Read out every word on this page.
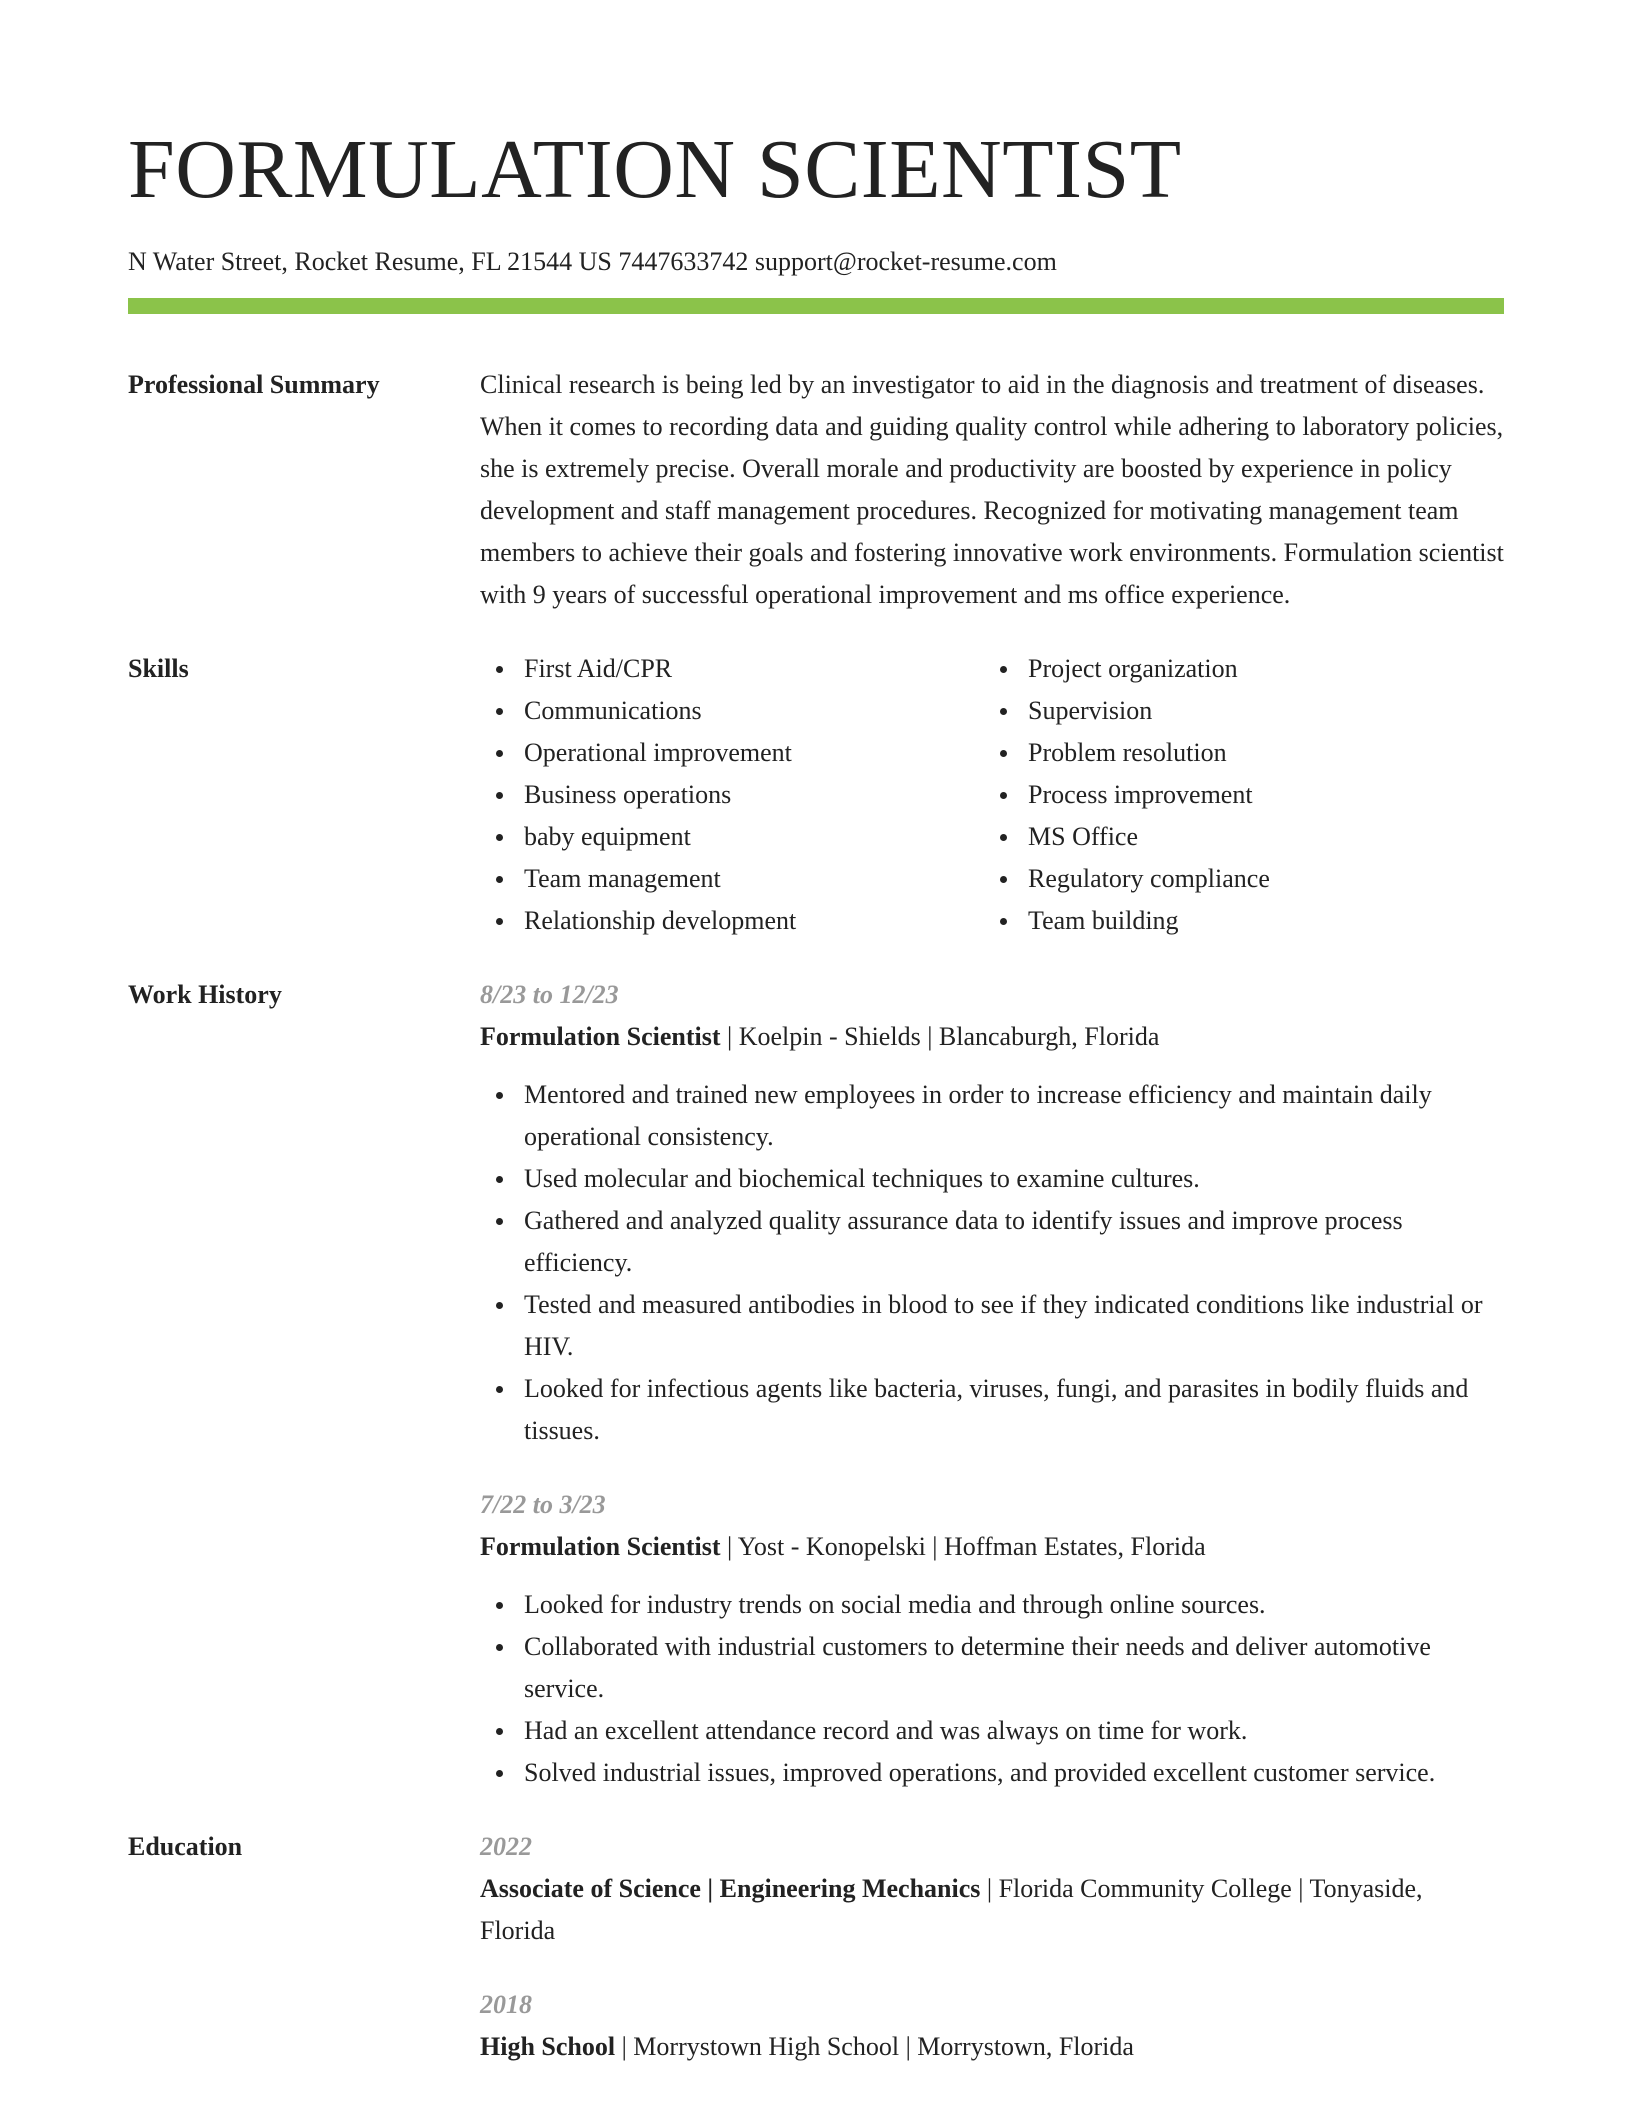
FORMULATION SCIENTIST
N Water Street, Rocket Resume, FL 21544 US 7447633742 support@rocket-resume.com
Professional Summary	Clinical research is being led by an investigator to aid in the diagnosis and treatment of diseases. When it comes to recording data and guiding quality control while adhering to laboratory policies, she is extremely precise. Overall morale and productivity are boosted by experience in policy development and staff management procedures. Recognized for motivating management team members to achieve their goals and fostering innovative work environments. Formulation scientist with 9 years of successful operational improvement and ms office experience.

Skills	First Aid/CPR
Communications
Operational improvement
Business operations
baby equipment
Team management
Relationship development
Project organization
Supervision
Problem resolution
Process improvement
MS Office
Regulatory compliance
Team building
Work History	8/23 to 12/23
Formulation Scientist | Koelpin - Shields | Blancaburgh, Florida
Mentored and trained new employees in order to increase efficiency and maintain daily operational consistency.
Used molecular and biochemical techniques to examine cultures.
Gathered and analyzed quality assurance data to identify issues and improve process efficiency.
Tested and measured antibodies in blood to see if they indicated conditions like industrial or HIV.
Looked for infectious agents like bacteria, viruses, fungi, and parasites in bodily fluids and tissues.
7/22 to 3/23
Formulation Scientist | Yost - Konopelski | Hoffman Estates, Florida
Looked for industry trends on social media and through online sources.
Collaborated with industrial customers to determine their needs and deliver automotive service.
Had an excellent attendance record and was always on time for work.
Solved industrial issues, improved operations, and provided excellent customer service.
Education	2022
Associate of Science | Engineering Mechanics | Florida Community College | Tonyaside, Florida
2018
High School | Morrystown High School | Morrystown, Florida
